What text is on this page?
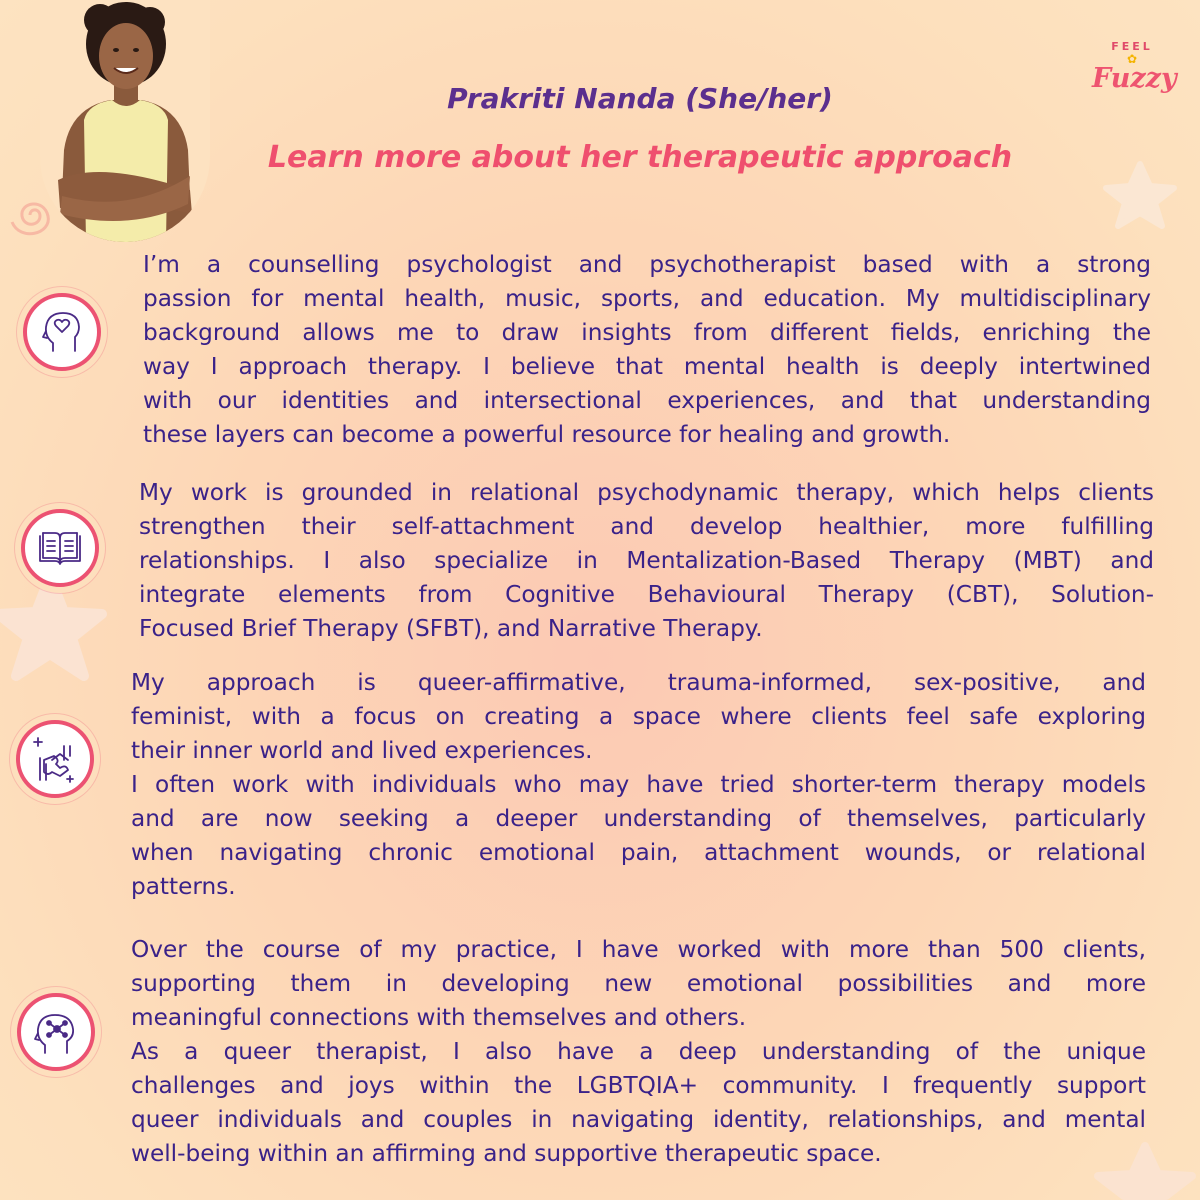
FEEL
✿
Fuzzy
Prakriti Nanda (She/her)
Learn more about her therapeutic approach

I’m a counselling psychologist and psychotherapist based with a strong
passion for mental health, music, sports, and education. My multidisciplinary
background allows me to draw insights from different fields, enriching the
way I approach therapy. I believe that mental health is deeply intertwined
with our identities and intersectional experiences, and that understanding
these layers can become a powerful resource for healing and growth.

My work is grounded in relational psychodynamic therapy, which helps clients
strengthen their self-attachment and develop healthier, more fulfilling
relationships. I also specialize in Mentalization-Based Therapy (MBT) and
integrate elements from Cognitive Behavioural Therapy (CBT), Solution-
Focused Brief Therapy (SFBT), and Narrative Therapy.

My approach is queer-affirmative, trauma-informed, sex-positive, and
feminist, with a focus on creating a space where clients feel safe exploring
their inner world and lived experiences.
I often work with individuals who may have tried shorter-term therapy models
and are now seeking a deeper understanding of themselves, particularly
when navigating chronic emotional pain, attachment wounds, or relational
patterns.

Over the course of my practice, I have worked with more than 500 clients,
supporting them in developing new emotional possibilities and more
meaningful connections with themselves and others.
As a queer therapist, I also have a deep understanding of the unique
challenges and joys within the LGBTQIA+ community. I frequently support
queer individuals and couples in navigating identity, relationships, and mental
well-being within an affirming and supportive therapeutic space.
